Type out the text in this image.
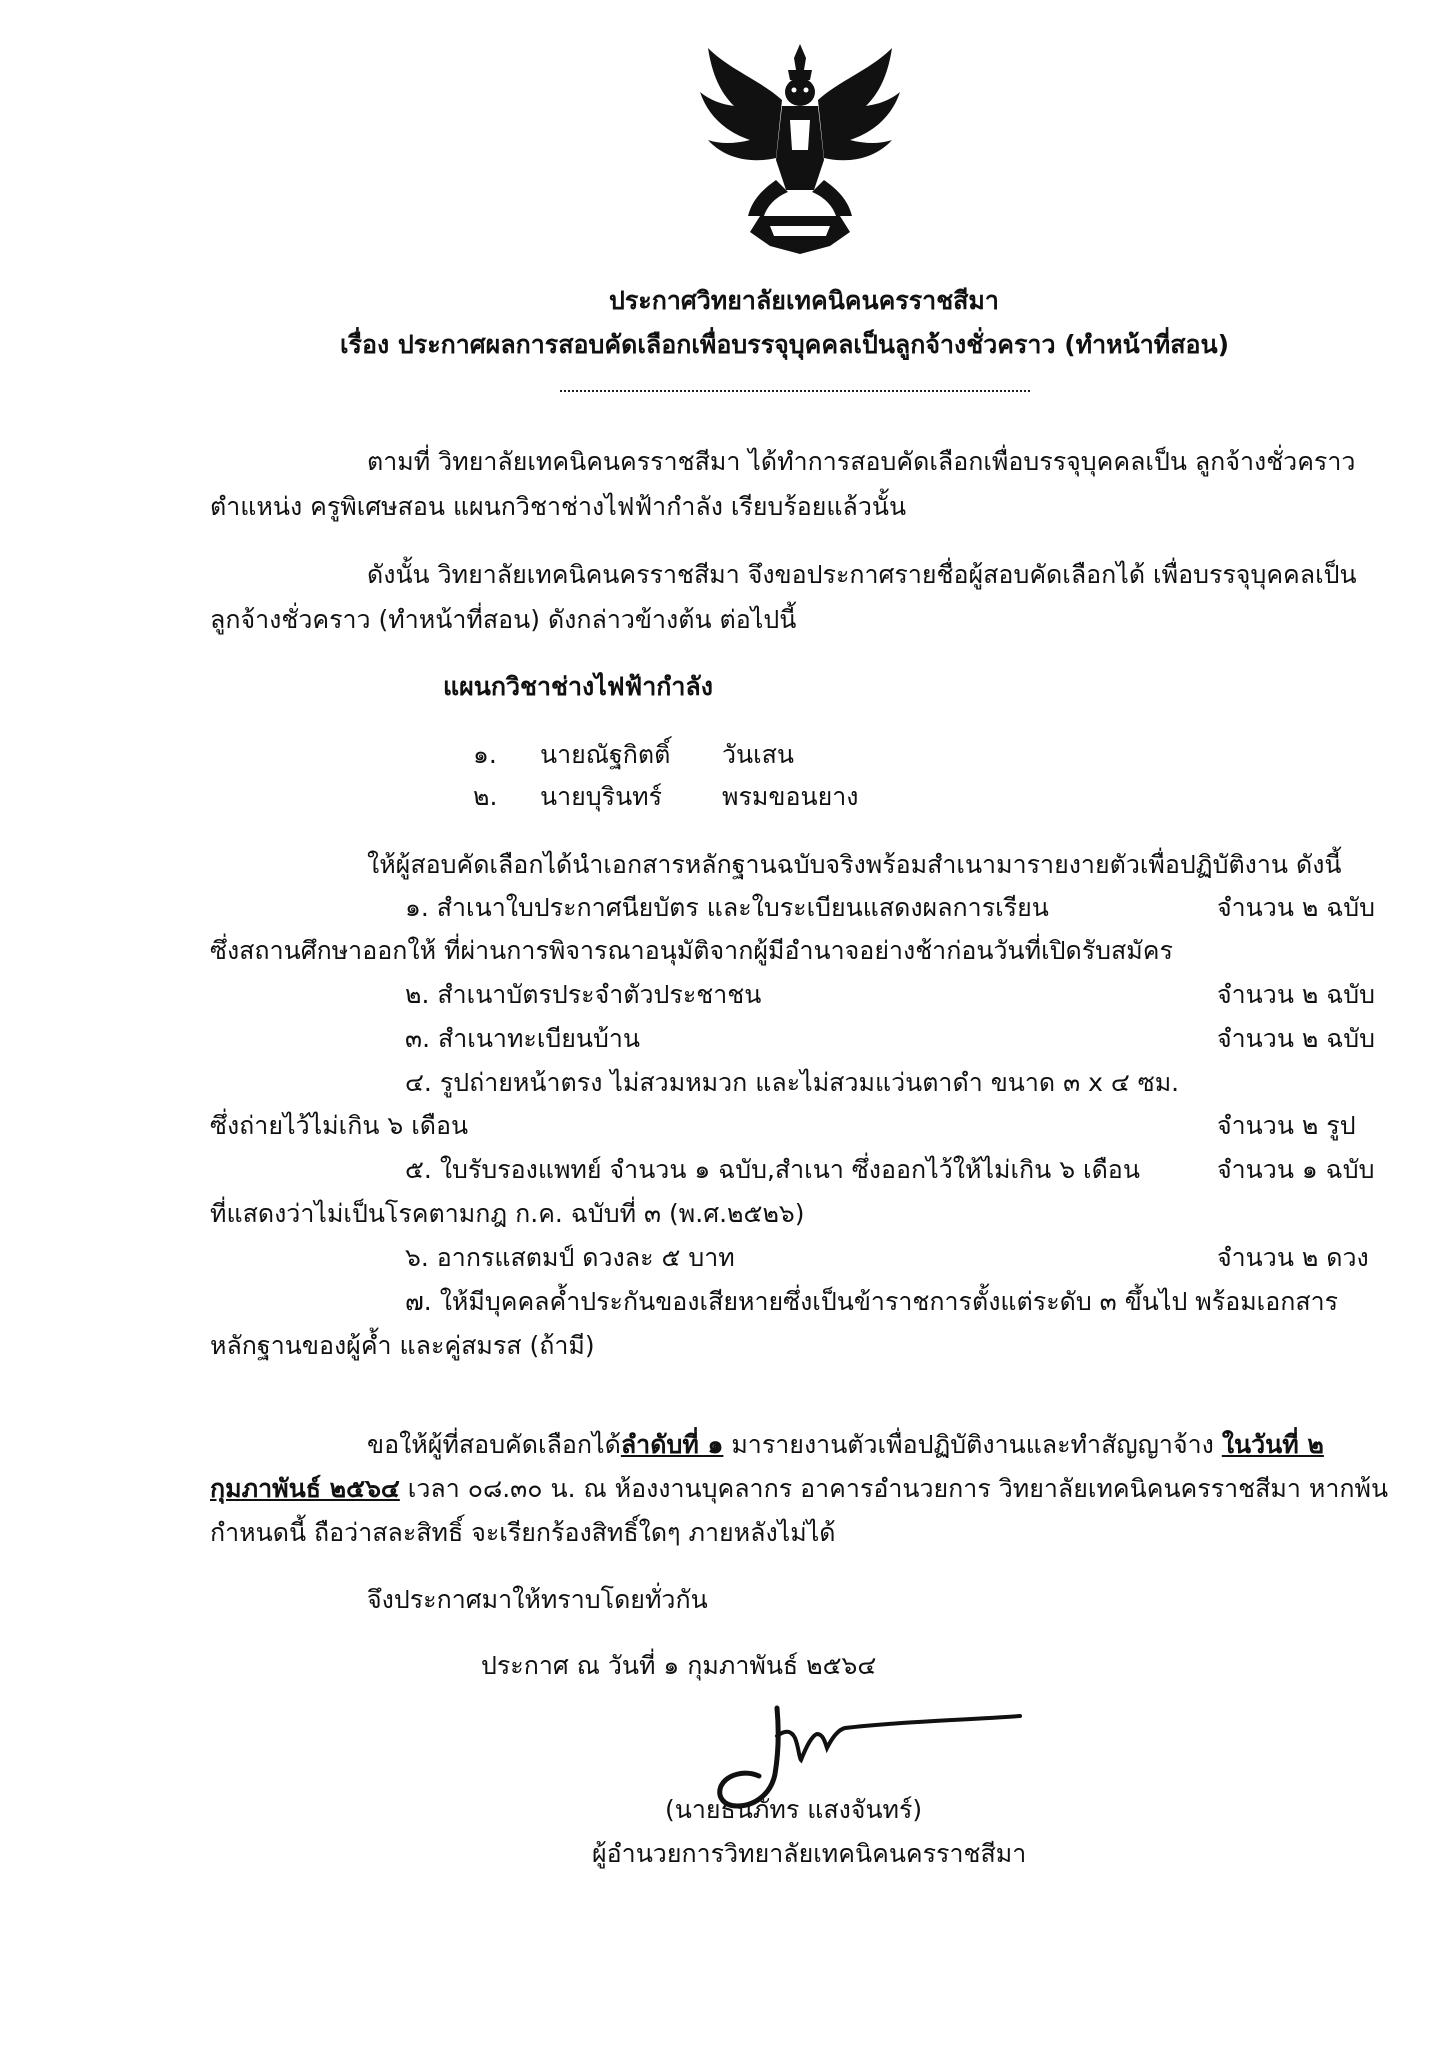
ประกาศวิทยาลัยเทคนิคนครราชสีมา
เรื่อง ประกาศผลการสอบคัดเลือกเพื่อบรรจุบุคคลเป็นลูกจ้างชั่วคราว (ทำหน้าที่สอน)
ตามที่ วิทยาลัยเทคนิคนครราชสีมา ได้ทำการสอบคัดเลือกเพื่อบรรจุบุคคลเป็น ลูกจ้างชั่วคราว
ตำแหน่ง ครูพิเศษสอน แผนกวิชาช่างไฟฟ้ากำลัง เรียบร้อยแล้วนั้น
ดังนั้น วิทยาลัยเทคนิคนครราชสีมา จึงขอประกาศรายชื่อผู้สอบคัดเลือกได้ เพื่อบรรจุบุคคลเป็น
ลูกจ้างชั่วคราว (ทำหน้าที่สอน) ดังกล่าวข้างต้น ต่อไปนี้
แผนกวิชาช่างไฟฟ้ากำลัง
๑. นายณัฐกิตติ์ วันเสน
๒. นายบุรินทร์ พรมขอนยาง
ให้ผู้สอบคัดเลือกได้นำเอกสารหลักฐานฉบับจริงพร้อมสำเนามารายงายตัวเพื่อปฏิบัติงาน ดังนี้
๑. สำเนาใบประกาศนียบัตร และใบระเบียนแสดงผลการเรียน	จำนวน ๒ ฉบับ
ซึ่งสถานศึกษาออกให้ ที่ผ่านการพิจารณาอนุมัติจากผู้มีอำนาจอย่างช้าก่อนวันที่เปิดรับสมัคร
๒. สำเนาบัตรประจำตัวประชาชน	จำนวน ๒ ฉบับ
๓. สำเนาทะเบียนบ้าน	จำนวน ๒ ฉบับ
๔. รูปถ่ายหน้าตรง ไม่สวมหมวก และไม่สวมแว่นตาดำ ขนาด ๓ x ๔ ซม.
ซึ่งถ่ายไว้ไม่เกิน ๖ เดือน	จำนวน ๒ รูป
๕. ใบรับรองแพทย์ จำนวน ๑ ฉบับ,สำเนา ซึ่งออกไว้ให้ไม่เกิน ๖ เดือน	จำนวน ๑ ฉบับ
ที่แสดงว่าไม่เป็นโรคตามกฎ ก.ค. ฉบับที่ ๓ (พ.ศ.๒๕๒๖)
๖. อากรแสตมป์ ดวงละ ๕ บาท	จำนวน ๒ ดวง
๗. ให้มีบุคคลค้ำประกันของเสียหายซึ่งเป็นข้าราชการตั้งแต่ระดับ ๓ ขึ้นไป พร้อมเอกสาร
หลักฐานของผู้ค้ำ และคู่สมรส (ถ้ามี)
ขอให้ผู้ที่สอบคัดเลือกได้ลำดับที่ ๑ มารายงานตัวเพื่อปฏิบัติงานและทำสัญญาจ้าง ในวันที่ ๒
กุมภาพันธ์ ๒๕๖๔ เวลา ๐๘.๓๐ น. ณ ห้องงานบุคลากร อาคารอำนวยการ วิทยาลัยเทคนิคนครราชสีมา หากพ้น
กำหนดนี้ ถือว่าสละสิทธิ์ จะเรียกร้องสิทธิ์ใดๆ ภายหลังไม่ได้
จึงประกาศมาให้ทราบโดยทั่วกัน
ประกาศ ณ วันที่ ๑ กุมภาพันธ์ ๒๕๖๔
(นายธนภัทร แสงจันทร์)
ผู้อำนวยการวิทยาลัยเทคนิคนครราชสีมา
